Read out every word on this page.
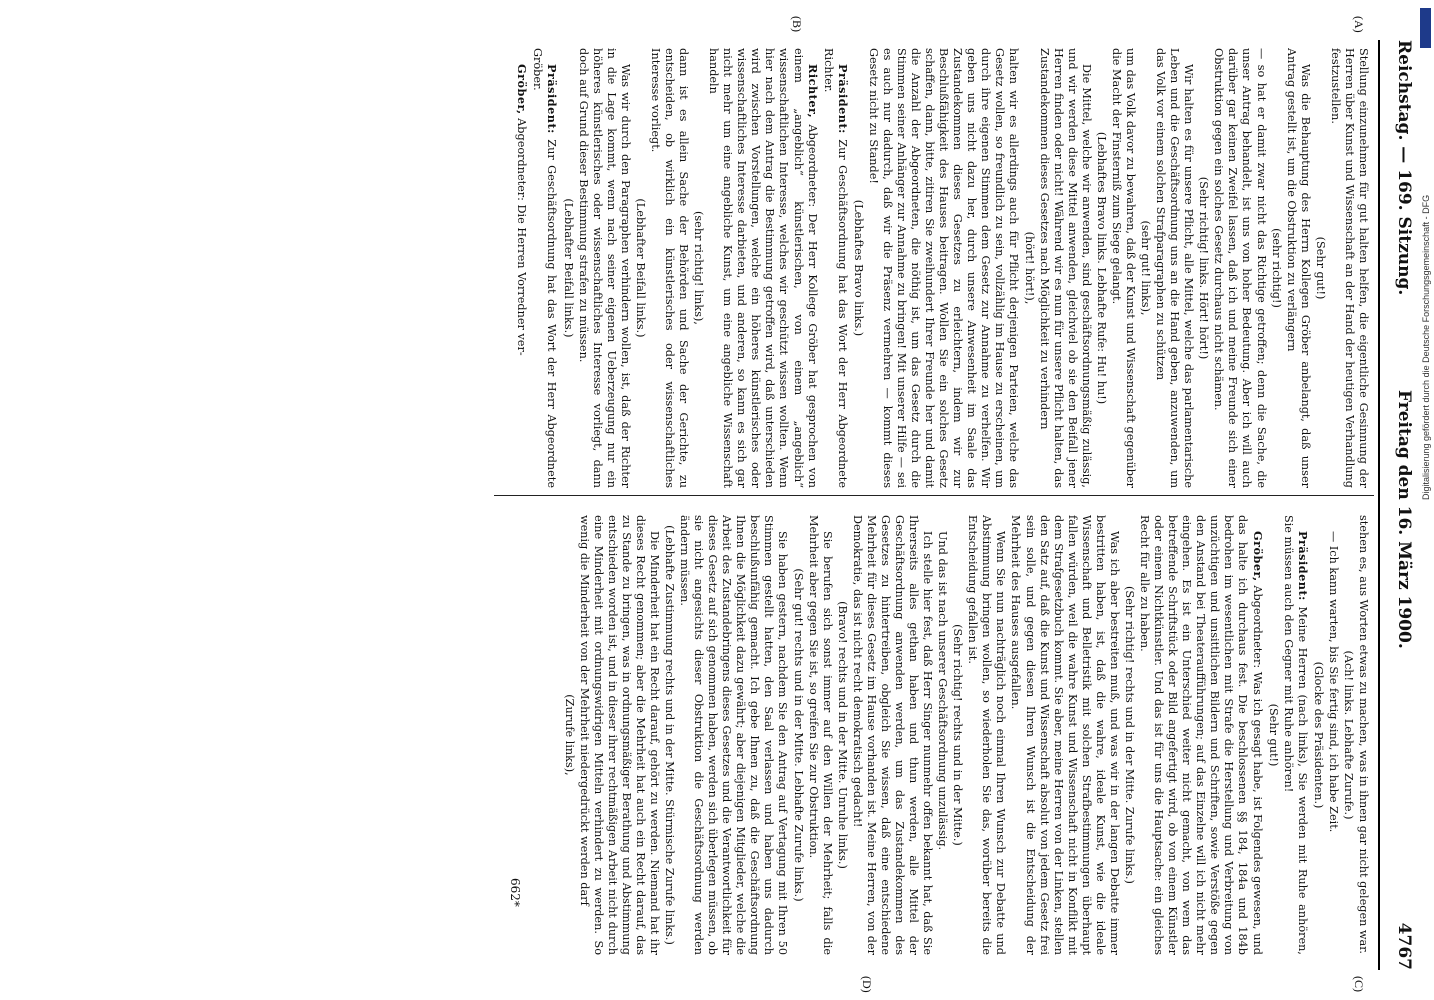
Digitalisierung gefördert durch die Deutsche Forschungsgemeinschaft - DFG
Reichstag. — 169. Sitzung.
Freitag den 16. März 1900.
4767
(A)
(B)
(C)
(D)

Stellung einzunehmen für gut halten helfen, die eigentliche Gesinnung der Herren über Kunst und Wissenschaft an der Hand der heutigen Verhandlung festzustellen.

(Sehr gut!)

Was die Behauptung des Herrn Kollegen Gröber anbelangt, daß unser Antrag gestellt ist, um die Obstruktion zu verlängern

(sehr richtig!)

— so hat er damit zwar nicht das Richtige getroffen; denn die Sache, die unser Antrag behandelt, ist uns von hoher Bedeutung. Aber ich will auch darüber gar keinen Zweifel lassen, daß ich und meine Freunde sich einer Obstruktion gegen ein solches Gesetz durchaus nicht schämen.

(Sehr richtig! links. Hört! hört!)

Wir halten es für unsere Pflicht, alle Mittel, welche das parlamentarische Leben und die Geschäftsordnung uns an die Hand geben, anzuwenden, um das Volk vor einem solchen Strafparagraphen zu schützen

(sehr gut! links),

um das Volk davor zu bewahren, daß der Kunst und Wissenschaft gegenüber die Macht der Finsterniß zum Siege gelangt.

(Lebhaftes Bravo links. Lebhafte Rufe: Hu! hu!)

Die Mittel, welche wir anwenden, sind geschäftsordnungsmäßig zulässig, und wir werden diese Mittel anwenden, gleichviel ob sie den Beifall jener Herren finden oder nicht! Während wir es nun für unsere Pflicht halten, das Zustandekommen dieses Gesetzes nach Möglichkeit zu verhindern

(hört! hört!),

halten wir es allerdings auch für Pflicht derjenigen Parteien, welche das Gesetz wollen, so freundlich zu sein, vollzählig im Hause zu erscheinen, um durch ihre eigenen Stimmen dem Gesetz zur Annahme zu verhelfen. Wir geben uns nicht dazu her, durch unsere Anwesenheit im Saale das Zustandekommen dieses Gesetzes zu erleichtern, indem wir zur Beschlußfähigkeit des Hauses beitragen. Wollen Sie ein solches Gesetz schaffen, dann, bitte, zitiren Sie zweihundert Ihrer Freunde her und damit die Anzahl der Abgeordneten, die nöthig ist, um das Gesetz durch die Stimmen seiner Anhänger zur Annahme zu bringen! Mit unserer Hilfe — sei es auch nur dadurch, daß wir die Präsenz vermehren — kommt dieses Gesetz nicht zu Stande!

(Lebhaftes Bravo links.)

Präsident: Zur Geschäftsordnung hat das Wort der Herr Abgeordnete Richter.

Richter, Abgeordneter: Der Herr Kollege Gröber hat gesprochen von einem „angeblich“ künstlerischen, von einem „angeblich“ wissenschaftlichen Interesse, welches wir geschützt wissen wollten. Wenn hier nach dem Antrag die Bestimmung getroffen wird, daß unterschieden wird zwischen Vorstellungen, welche ein höheres künstlerisches oder wissenschaftliches Interesse darbieten, und anderen, so kann es sich gar nicht mehr um eine angebliche Kunst, um eine angebliche Wissenschaft handeln

(sehr richtig! links),

dann ist es allein Sache der Behörden und Sache der Gerichte, zu entscheiden, ob wirklich ein künstlerisches oder wissenschaftliches Interesse vorliegt.

(Lebhafter Beifall links.)

Was wir durch den Paragraphen verhindern wollen, ist, daß der Richter in die Lage kommt, wenn nach seiner eigenen Ueberzeugung nur ein höheres künstlerisches oder wissenschaftliches Interesse vorliegt, dann doch auf Grund dieser Bestimmung strafen zu müssen.

(Lebhafter Beifall links.)

Präsident: Zur Geschäftsordnung hat das Wort der Herr Abgeordnete Gröber.

Gröber, Abgeordneter: Die Herren Vorredner ver-

stehen es, aus Worten etwas zu machen, was in ihnen gar nicht gelegen war.

(Ach! links. Lebhafte Zurufe.)

— Ich kann warten, bis Sie fertig sind, ich habe Zeit.

(Glocke des Präsidenten.)

Präsident: Meine Herren (nach links), Sie werden mit Ruhe anhören, Sie müssen auch den Gegner mit Ruhe anhören!

(Sehr gut!)

Gröber, Abgeordneter: Was ich gesagt habe, ist Folgendes gewesen, und das halte ich durchaus fest. Die beschlossenen §§ 184, 184a und 184b bedrohen im wesentlichen mit Strafe die Herstellung und Verbreitung von unzüchtigen und unsittlichen Bildern und Schriften, sowie Verstöße gegen den Anstand bei Theateraufführungen; auf das Einzelne will ich nicht mehr eingehen. Es ist ein Unterschied weiter nicht gemacht, von wem das betreffende Schriftstück oder Bild angefertigt wird, ob von einem Künstler oder einem Nichtkünstler. Und das ist für uns die Hauptsache: ein gleiches Recht für alle zu haben.

(Sehr richtig! rechts und in der Mitte. Zurufe links.)

Was ich aber bestreiten muß, und was wir in der langen Debatte immer bestritten haben, ist, daß die wahre, ideale Kunst, wie die ideale Wissenschaft und Belletristik mit solchen Strafbestimmungen überhaupt fallen würden, weil die wahre Kunst und Wissenschaft nicht in Konflikt mit dem Strafgesetzbuch kommt. Sie aber, meine Herren von der Linken, stellen den Satz auf, daß die Kunst und Wissenschaft absolut von jedem Gesetz frei sein solle, und gegen diesen Ihren Wunsch ist die Entscheidung der Mehrheit des Hauses ausgefallen.

Wenn Sie nun nachträglich noch einmal Ihren Wunsch zur Debatte und Abstimmung bringen wollen, so wiederholen Sie das, worüber bereits die Entscheidung gefallen ist.

(Sehr richtig! rechts und in der Mitte.)

Und das ist nach unserer Geschäftsordnung unzulässig.

Ich stelle hier fest, daß Herr Singer nunmehr offen bekannt hat, daß Sie Ihrerseits alles gethan haben und thun werden, alle Mittel der Geschäftsordnung anwenden werden, um das Zustandekommen des Gesetzes zu hintertreiben, obgleich Sie wissen, daß eine entschiedene Mehrheit für dieses Gesetz im Hause vorhanden ist. Meine Herren, von der Demokratie, das ist nicht recht demokratisch gedacht!

(Bravo! rechts und in der Mitte. Unruhe links.)

Sie berufen sich sonst immer auf den Willen der Mehrheit; falls die Mehrheit aber gegen Sie ist, so greifen Sie zur Obstruktion.

(Sehr gut! rechts und in der Mitte. Lebhafte Zurufe links.)

Sie haben gestern, nachdem Sie den Antrag auf Vertagung mit Ihren 50 Stimmen gestellt hatten, den Saal verlassen und haben uns dadurch beschlußunfähig gemacht. Ich gebe Ihnen zu, daß die Geschäftsordnung Ihnen die Möglichkeit dazu gewährt; aber diejenigen Mitglieder, welche die Arbeit des Zustandebringens dieses Gesetzes und die Verantwortlichkeit für dieses Gesetz auf sich genommen haben, werden sich überlegen müssen, ob sie nicht angesichts dieser Obstruktion die Geschäftsordnung werden ändern müssen.

(Lebhafte Zustimmung rechts und in der Mitte. Stürmische Zurufe links.)

Die Minderheit hat ein Recht darauf, gehört zu werden. Niemand hat ihr dieses Recht genommen; aber die Mehrheit hat auch ein Recht darauf, das zu Stande zu bringen, was in ordnungsmäßiger Berathung und Abstimmung entschieden worden ist, und in dieser ihrer rechtmäßigen Arbeit nicht durch eine Minderheit mit ordnungswidrigen Mitteln verhindert zu werden. So wenig die Minderheit von der Mehrheit niedergedrückt werden darf

(Zurufe links),

662*
